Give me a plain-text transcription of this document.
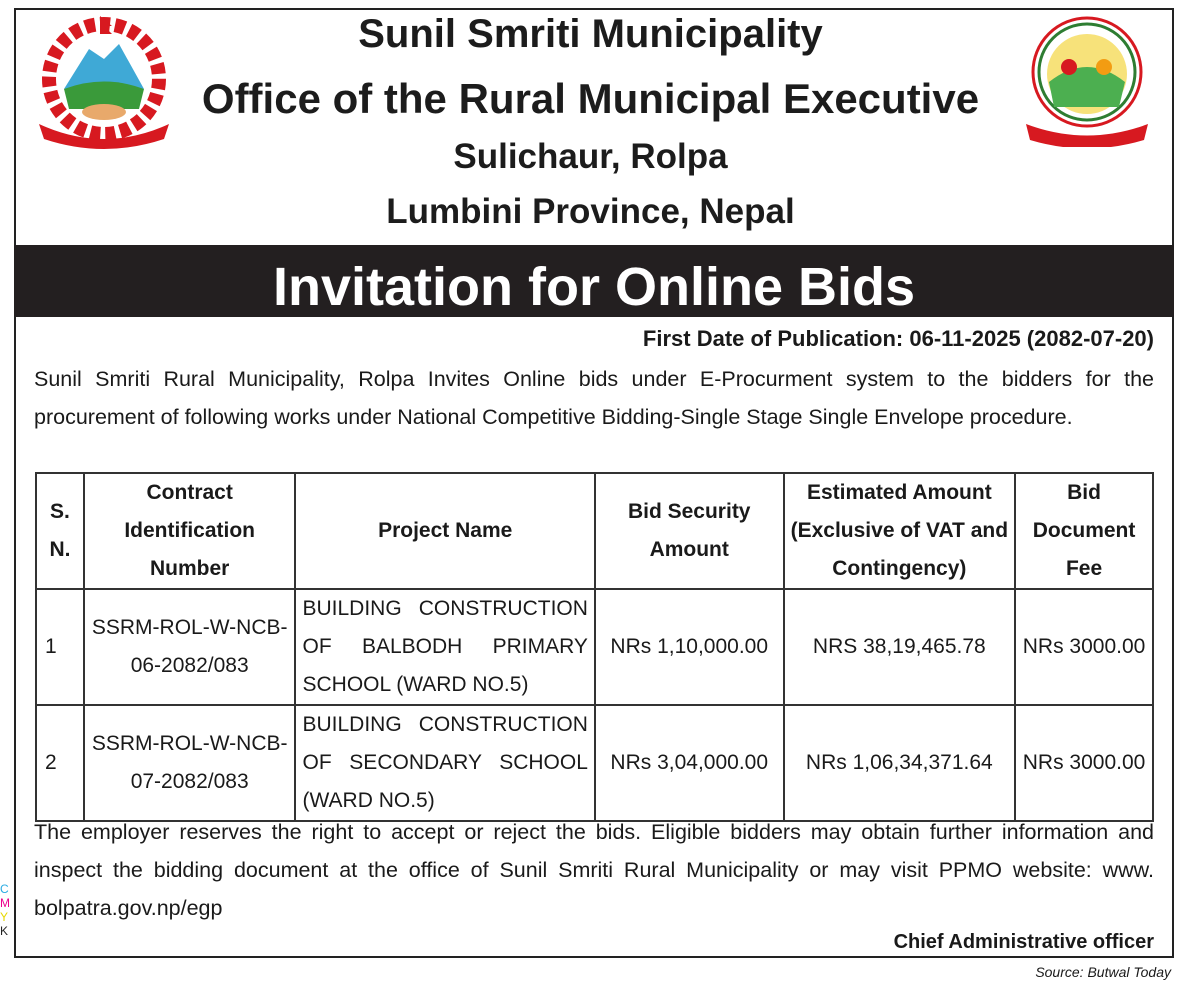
Sunil Smriti Municipality
Office of the Rural Municipal Executive
Sulichaur, Rolpa
Lumbini Province, Nepal
Invitation for Online Bids
First Date of Publication: 06-11-2025 (2082-07-20)
Sunil Smriti Rural Municipality, Rolpa Invites Online bids under E-Procurment system to the bidders for the procurement of following works under National Competitive Bidding-Single Stage Single Envelope procedure.
S. N.	Contract Identification Number	Project Name	Bid Security Amount	Estimated Amount (Exclusive of VAT and Contingency)	Bid Document Fee
1	SSRM-ROL-W-NCB-06-2082/083	BUILDING CONSTRUCTION OF BALBODH PRIMARY SCHOOL (WARD NO.5)	NRs 1,10,000.00	NRS 38,19,465.78	NRs 3000.00
2	SSRM-ROL-W-NCB-07-2082/083	BUILDING CONSTRUCTION OF SECONDARY SCHOOL (WARD NO.5)	NRs 3,04,000.00	NRs 1,06,34,371.64	NRs 3000.00
The employer reserves the right to accept or reject the bids. Eligible bidders may obtain further information and inspect the bidding document at the office of Sunil Smriti Rural Municipality or may visit PPMO website: www. bolpatra.gov.np/egp
Chief Administrative officer
Source: Butwal Today
C
M
Y
K
